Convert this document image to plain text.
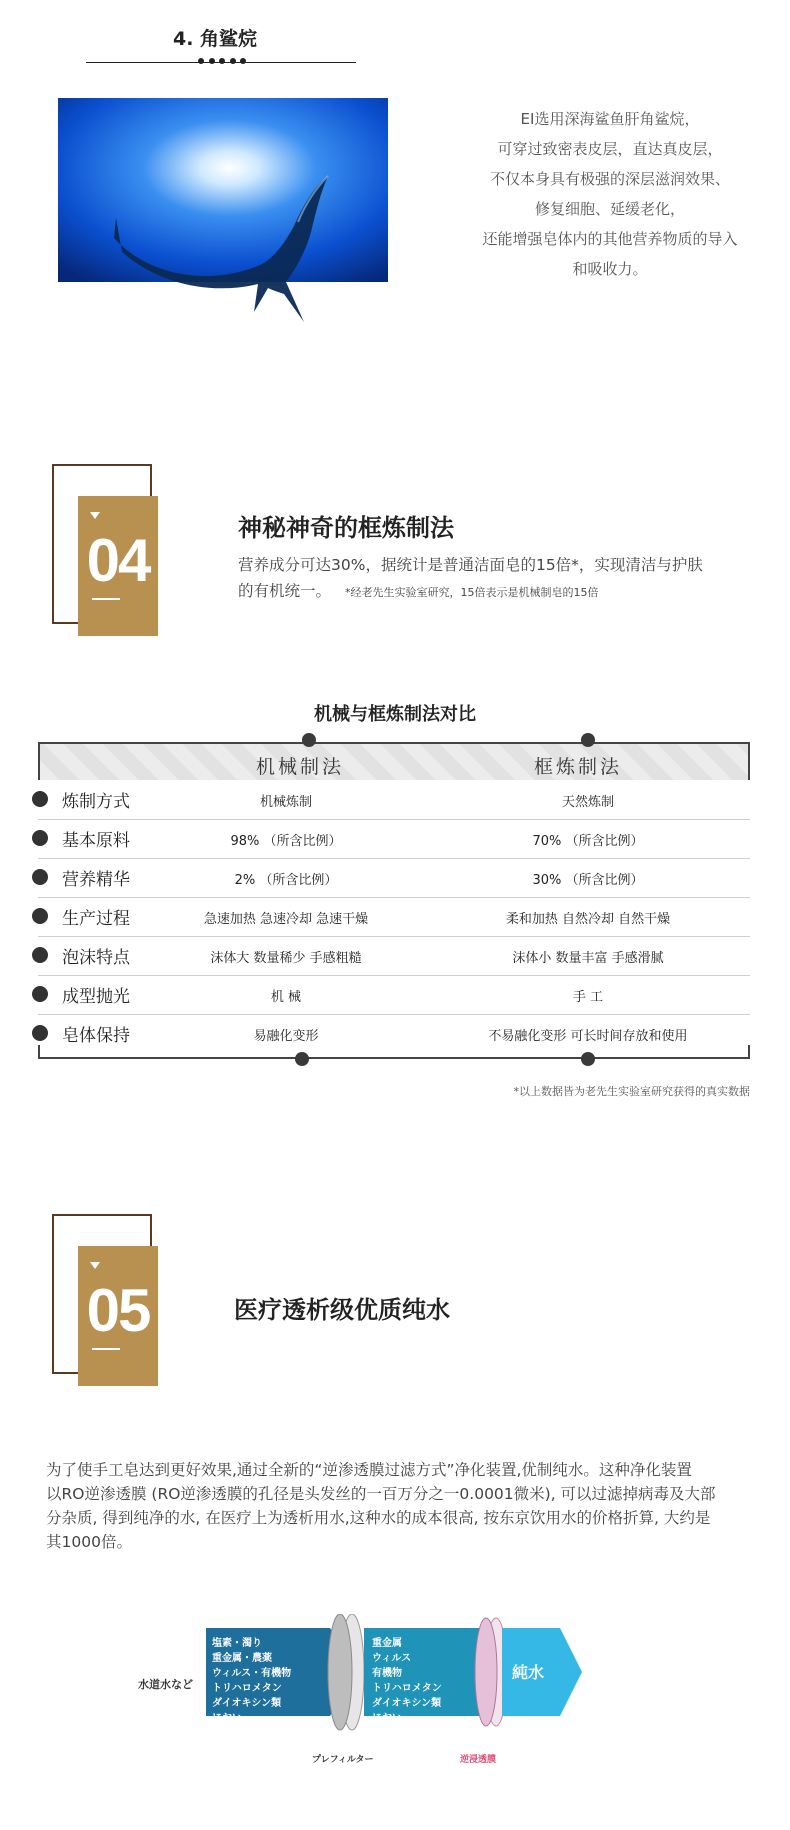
4. 角鲨烷
EI选用深海鲨鱼肝角鲨烷，
可穿过致密表皮层，直达真皮层，
不仅本身具有极强的深层滋润效果、
修复细胞、延缓老化，
还能增强皂体内的其他营养物质的导入
和吸收力。
04	神秘神奇的框炼制法
营养成分可达30%，据统计是普通洁面皂的15倍*，实现清洁与护肤
的有机统一。 *经老先生实验室研究，15倍表示是机械制皂的15倍
机械与框炼制法对比
机械制法	框炼制法
炼制方式	机械炼制	天然炼制
基本原料	98% （所含比例）	70% （所含比例）
营养精华	2% （所含比例）	30% （所含比例）
生产过程	急速加热 急速冷却 急速干燥	柔和加热 自然冷却 自然干燥
泡沫特点	沫体大 数量稀少 手感粗糙	沫体小 数量丰富 手感滑腻
成型抛光	机 械	手 工
皂体保持	易融化变形	不易融化变形 可长时间存放和使用
*以上数据皆为老先生实验室研究获得的真实数据
05	医疗透析级优质纯水
为了使手工皂达到更好效果,通过全新的“逆渗透膜过滤方式”净化装置,优制纯水。这种净化装置
以RO逆渗透膜 (RO逆渗透膜的孔径是头发丝的一百万分之一0.0001微米), 可以过滤掉病毒及大部
分杂质, 得到纯净的水, 在医疗上为透析用水,这种水的成本很高, 按东京饮用水的价格折算, 大约是
其1000倍。
水道水など
塩素・濁り
重金属・農薬
ウィルス・有機物
トリハロメタン
ダイオキシン類
におい
重金属
ウィルス
有機物
トリハロメタン
ダイオキシン類
におい
純水
プレフィルター	逆浸透膜
